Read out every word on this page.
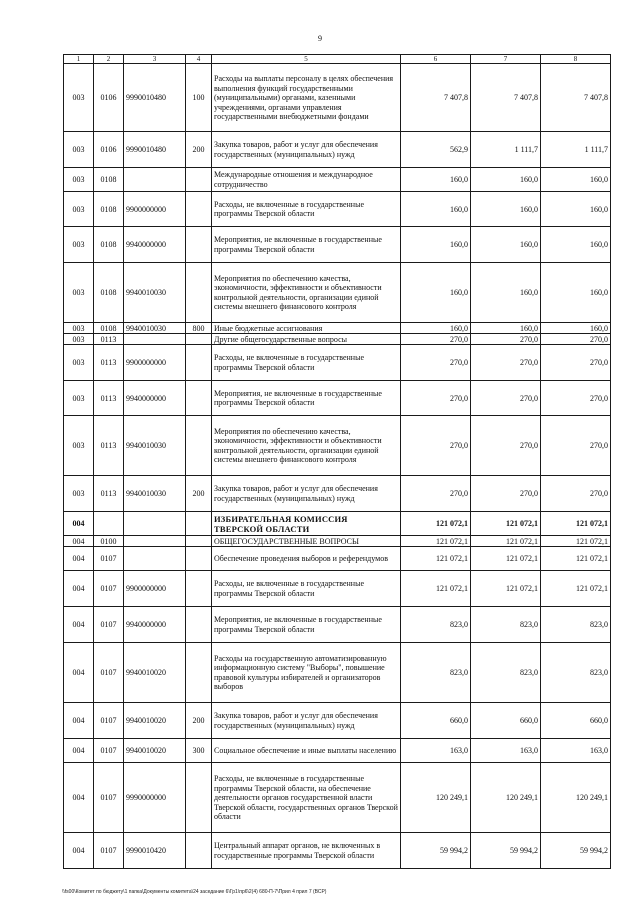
9
1	2	3	4	5	6	7	8
003	0106	9990010480	100	Расходы на выплаты персоналу в целях обеспечения выполнения функций государственными (муниципальными) органами, казенными учреждениями, органами управления государственными внебюджетными фондами	7 407,8	7 407,8	7 407,8
003	0106	9990010480	200	Закупка товаров, работ и услуг для обеспечения государственных (муниципальных) нужд	562,9	1 111,7	1 111,7
003	0108			Международные отношения и международное сотрудничество	160,0	160,0	160,0
003	0108	9900000000		Расходы, не включенные в государственные программы Тверской области	160,0	160,0	160,0
003	0108	9940000000		Мероприятия, не включенные в государственные программы Тверской области	160,0	160,0	160,0
003	0108	9940010030		Мероприятия по обеспечению качества, экономичности, эффективности и объективности контрольной деятельности, организации единой системы внешнего финансового контроля	160,0	160,0	160,0
003	0108	9940010030	800	Иные бюджетные ассигнования	160,0	160,0	160,0
003	0113			Другие общегосударственные вопросы	270,0	270,0	270,0
003	0113	9900000000		Расходы, не включенные в государственные программы Тверской области	270,0	270,0	270,0
003	0113	9940000000		Мероприятия, не включенные в государственные программы Тверской области	270,0	270,0	270,0
003	0113	9940010030		Мероприятия по обеспечению качества, экономичности, эффективности и объективности контрольной деятельности, организации единой системы внешнего финансового контроля	270,0	270,0	270,0
003	0113	9940010030	200	Закупка товаров, работ и услуг для обеспечения государственных (муниципальных) нужд	270,0	270,0	270,0
004				ИЗБИРАТЕЛЬНАЯ КОМИССИЯ ТВЕРСКОЙ ОБЛАСТИ	121 072,1	121 072,1	121 072,1
004	0100			ОБЩЕГОСУДАРСТВЕННЫЕ ВОПРОСЫ	121 072,1	121 072,1	121 072,1
004	0107			Обеспечение проведения выборов и референдумов	121 072,1	121 072,1	121 072,1
004	0107	9900000000		Расходы, не включенные в государственные программы Тверской области	121 072,1	121 072,1	121 072,1
004	0107	9940000000		Мероприятия, не включенные в государственные программы Тверской области	823,0	823,0	823,0
004	0107	9940010020		Расходы на государственную автоматизированную информационную систему "Выборы", повышение правовой культуры избирателей и организаторов выборов	823,0	823,0	823,0
004	0107	9940010020	200	Закупка товаров, работ и услуг для обеспечения государственных (муниципальных) нужд	660,0	660,0	660,0
004	0107	9940010020	300	Социальное обеспечение и иные выплаты населению	163,0	163,0	163,0
004	0107	9990000000		Расходы, не включенные в государственные программы Тверской области, на обеспечение деятельности органов государственной власти Тверской области, государственных органов Тверской области	120 249,1	120 249,1	120 249,1
004	0107	9990010420		Центральный аппарат органов, не включенных в государственные программы Тверской области	59 994,2	59 994,2	59 994,2
\\fs00\Комитет по бюджету\1 папка\Документы комитета\24 заседание 6\Гр1\пр6\2(4) 680-П-7\Прил 4 прил 7 (ВСР)
